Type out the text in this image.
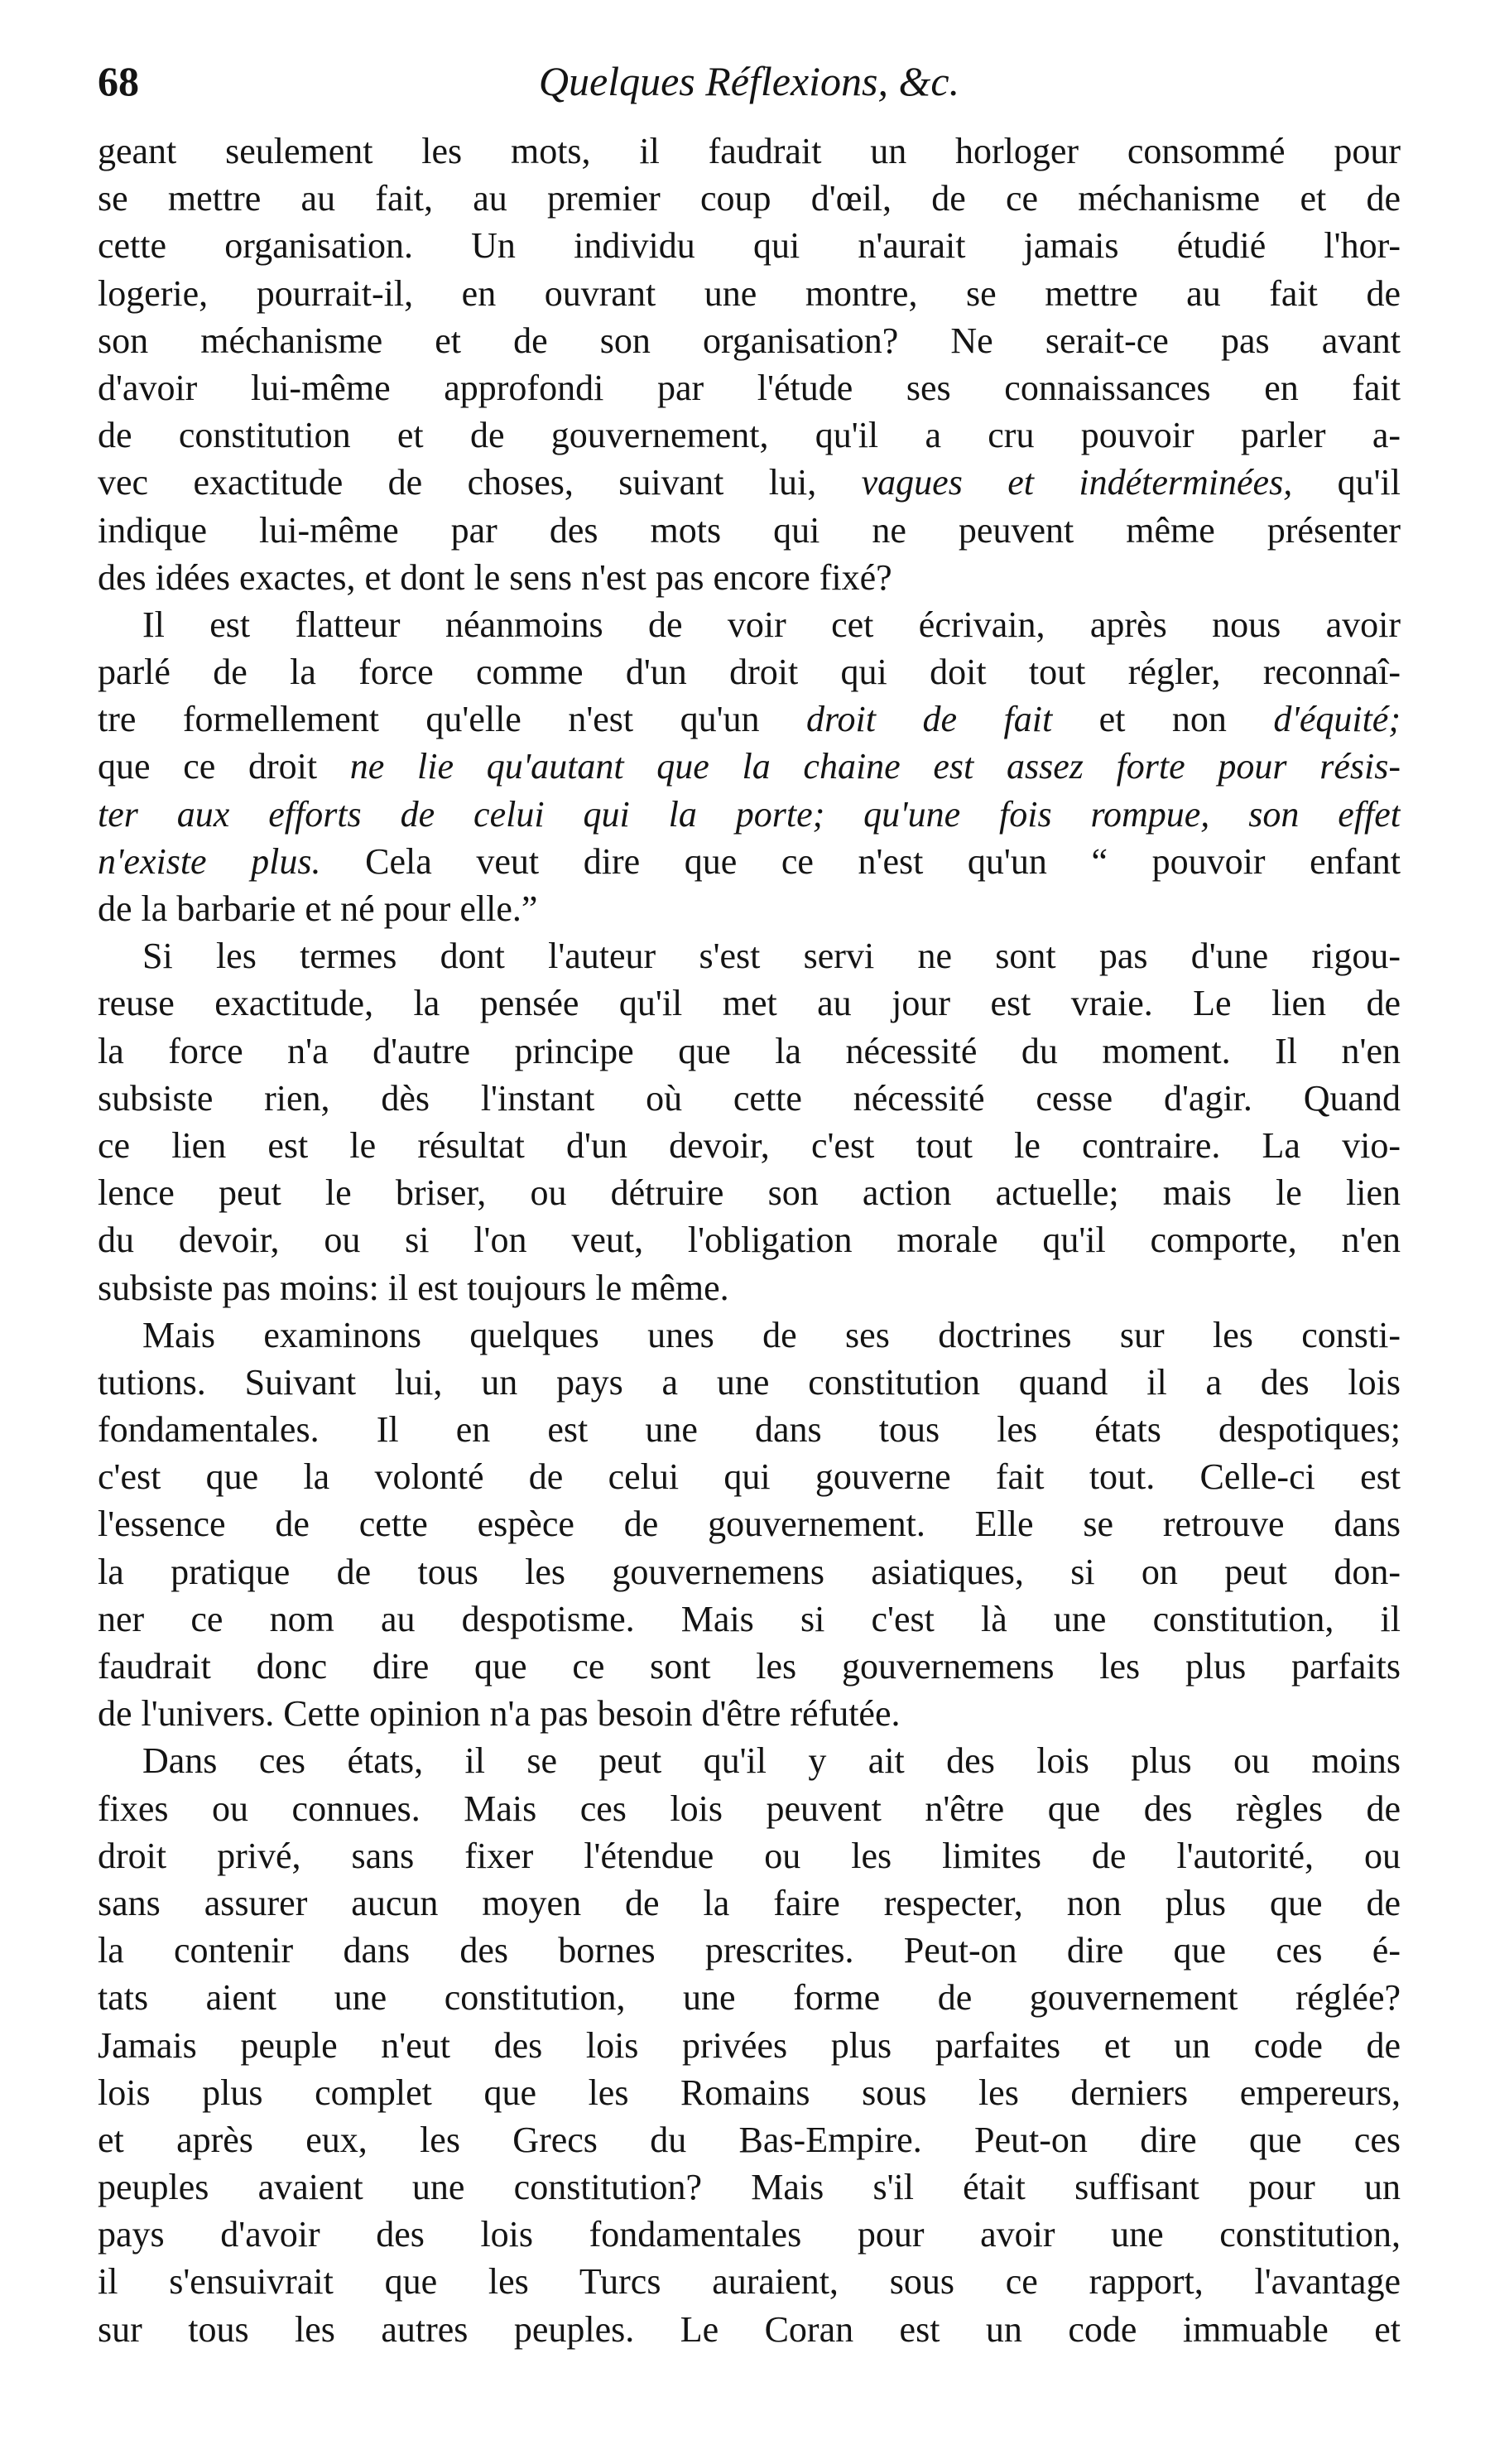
68	Quelques Réflexions, &c.
geant seulement les mots, il faudrait un horloger consommé pour
se mettre au fait, au premier coup d'œil, de ce méchanisme et de
cette organisation. Un individu qui n'aurait jamais étudié l'hor-
logerie, pourrait-il, en ouvrant une montre, se mettre au fait de
son méchanisme et de son organisation? Ne serait-ce pas avant
d'avoir lui-même approfondi par l'étude ses connaissances en fait
de constitution et de gouvernement, qu'il a cru pouvoir parler a-
vec exactitude de choses, suivant lui, vagues et indéterminées, qu'il
indique lui-même par des mots qui ne peuvent même présenter
des idées exactes, et dont le sens n'est pas encore fixé?
Il est flatteur néanmoins de voir cet écrivain, après nous avoir
parlé de la force comme d'un droit qui doit tout régler, reconnaî-
tre formellement qu'elle n'est qu'un droit de fait et non d'équité;
que ce droit ne lie qu'autant que la chaine est assez forte pour résis-
ter aux efforts de celui qui la porte; qu'une fois rompue, son effet
n'existe plus. Cela veut dire que ce n'est qu'un “ pouvoir enfant
de la barbarie et né pour elle.”
Si les termes dont l'auteur s'est servi ne sont pas d'une rigou-
reuse exactitude, la pensée qu'il met au jour est vraie. Le lien de
la force n'a d'autre principe que la nécessité du moment. Il n'en
subsiste rien, dès l'instant où cette nécessité cesse d'agir. Quand
ce lien est le résultat d'un devoir, c'est tout le contraire. La vio-
lence peut le briser, ou détruire son action actuelle; mais le lien
du devoir, ou si l'on veut, l'obligation morale qu'il comporte, n'en
subsiste pas moins: il est toujours le même.
Mais examinons quelques unes de ses doctrines sur les consti-
tutions. Suivant lui, un pays a une constitution quand il a des lois
fondamentales. Il en est une dans tous les états despotiques;
c'est que la volonté de celui qui gouverne fait tout. Celle-ci est
l'essence de cette espèce de gouvernement. Elle se retrouve dans
la pratique de tous les gouvernemens asiatiques, si on peut don-
ner ce nom au despotisme. Mais si c'est là une constitution, il
faudrait donc dire que ce sont les gouvernemens les plus parfaits
de l'univers. Cette opinion n'a pas besoin d'être réfutée.
Dans ces états, il se peut qu'il y ait des lois plus ou moins
fixes ou connues. Mais ces lois peuvent n'être que des règles de
droit privé, sans fixer l'étendue ou les limites de l'autorité, ou
sans assurer aucun moyen de la faire respecter, non plus que de
la contenir dans des bornes prescrites. Peut-on dire que ces é-
tats aient une constitution, une forme de gouvernement réglée?
Jamais peuple n'eut des lois privées plus parfaites et un code de
lois plus complet que les Romains sous les derniers empereurs,
et après eux, les Grecs du Bas-Empire. Peut-on dire que ces
peuples avaient une constitution? Mais s'il était suffisant pour un
pays d'avoir des lois fondamentales pour avoir une constitution,
il s'ensuivrait que les Turcs auraient, sous ce rapport, l'avantage
sur tous les autres peuples. Le Coran est un code immuable et
